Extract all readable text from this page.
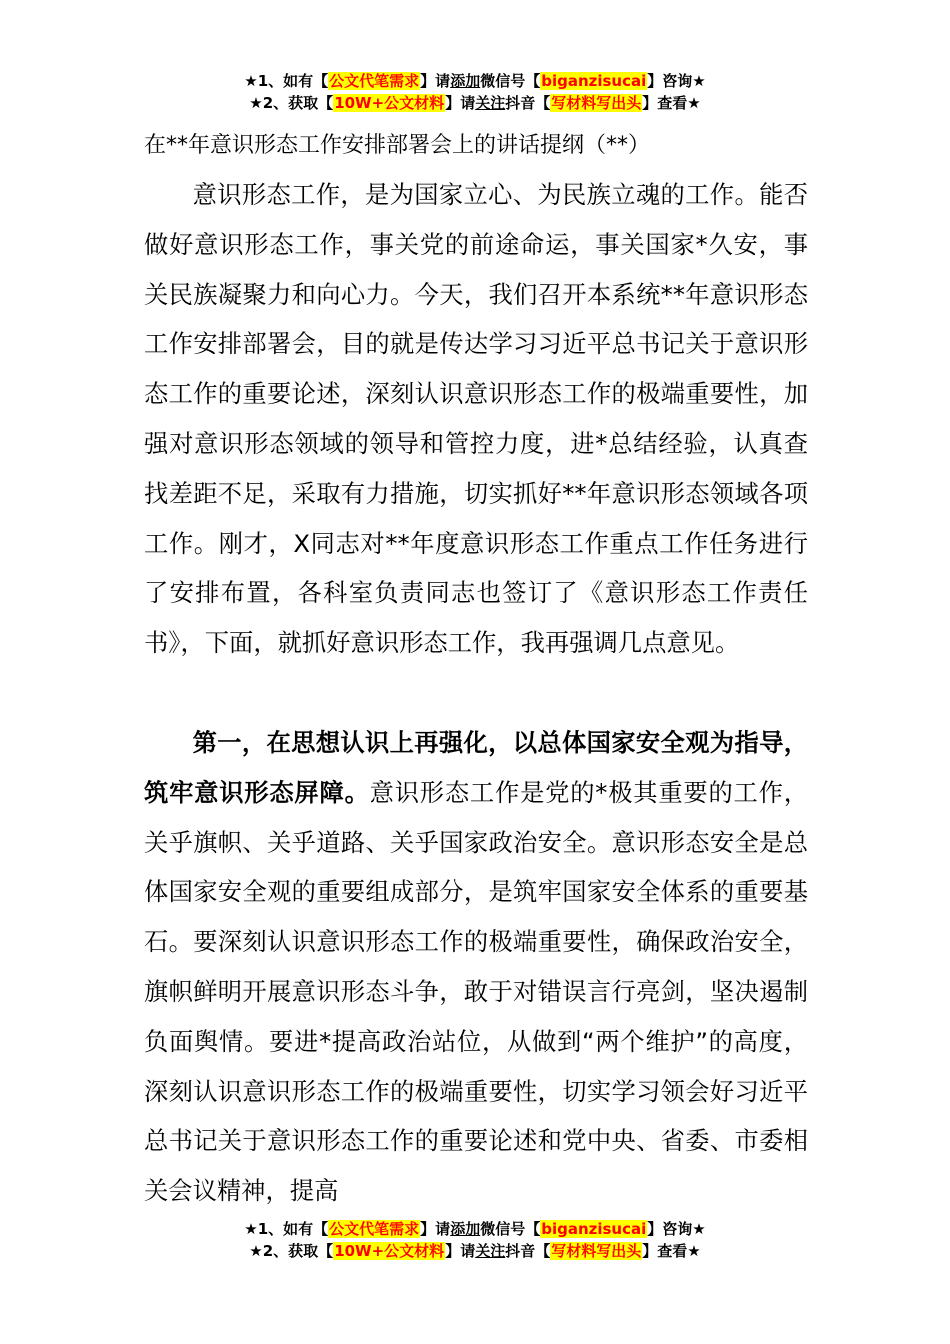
★1、如有【公文代笔需求】请添加微信号【biganzisucai】咨询★
★2、获取【10W+公文材料】请关注抖音【写材料写出头】查看★
在**年意识形态工作安排部署会上的讲话提纲（**）

意识形态工作，是为国家立心、为民族立魂的工作。能否做好意识形态工作，事关党的前途命运，事关国家*久安，事关民族凝聚力和向心力。今天，我们召开本系统**年意识形态工作安排部署会，目的就是传达学习习近平总书记关于意识形态工作的重要论述，深刻认识意识形态工作的极端重要性，加强对意识形态领域的领导和管控力度，进*总结经验，认真查找差距不足，采取有力措施，切实抓好**年意识形态领域各项工作。刚才，X同志对**年度意识形态工作重点工作任务进行了安排布置，各科室负责同志也签订了《意识形态工作责任书》，下面，就抓好意识形态工作，我再强调几点意见。

第一，在思想认识上再强化，以总体国家安全观为指导，筑牢意识形态屏障。意识形态工作是党的*极其重要的工作，关乎旗帜、关乎道路、关乎国家政治安全。意识形态安全是总体国家安全观的重要组成部分，是筑牢国家安全体系的重要基石。要深刻认识意识形态工作的极端重要性，确保政治安全，旗帜鲜明开展意识形态斗争，敢于对错误言行亮剑，坚决遏制负面舆情。要进*提高政治站位，从做到“两个维护”的高度，深刻认识意识形态工作的极端重要性，切实学习领会好习近平总书记关于意识形态工作的重要论述和党中央、省委、市委相关会议精神，提高

★1、如有【公文代笔需求】请添加微信号【biganzisucai】咨询★
★2、获取【10W+公文材料】请关注抖音【写材料写出头】查看★
